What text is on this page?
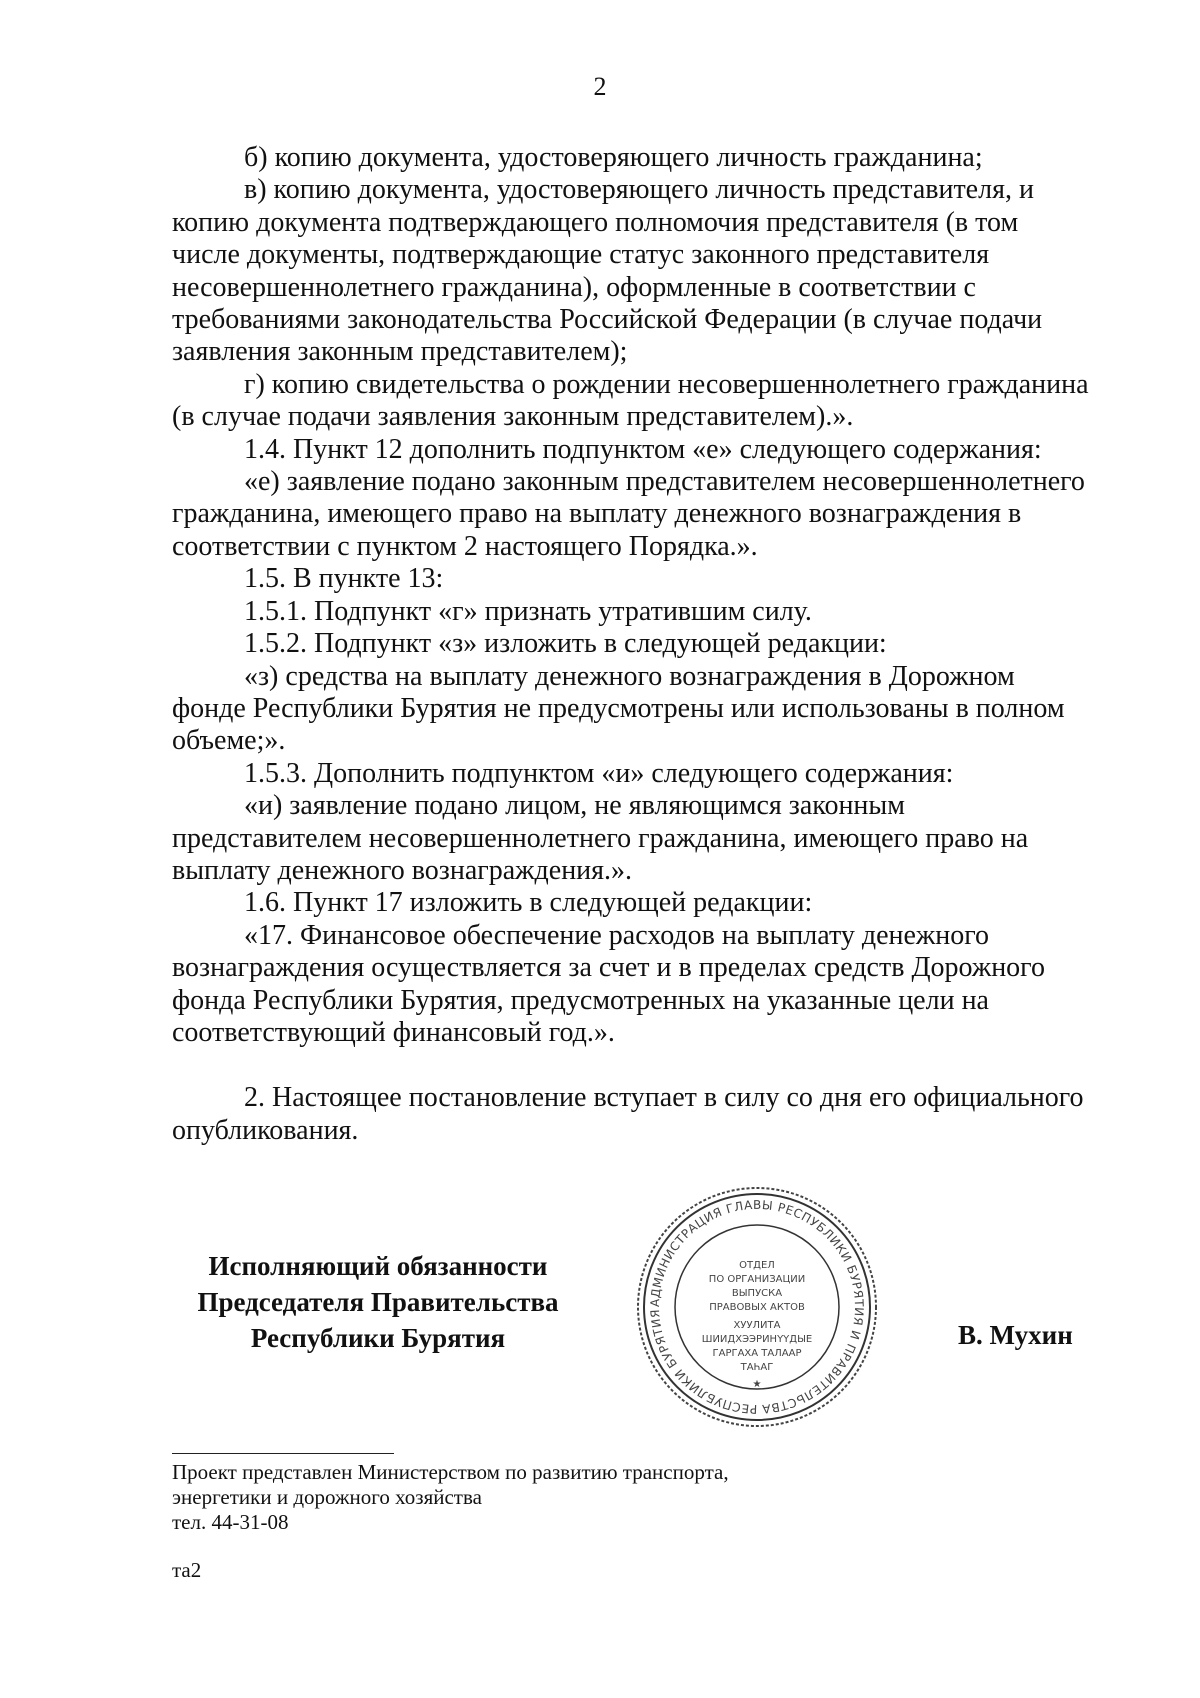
2

б) копию документа, удостоверяющего личность гражданина;

в) копию документа, удостоверяющего личность представителя, и копию документа подтверждающего полномочия представителя (в том числе документы, подтверждающие статус законного представителя несовершеннолетнего гражданина), оформленные в соответствии с требованиями законодательства Российской Федерации (в случае подачи заявления законным представителем);

г) копию свидетельства о рождении несовершеннолетнего гражданина (в случае подачи заявления законным представителем).».

1.4. Пункт 12 дополнить подпунктом «е» следующего содержания:

«е) заявление подано законным представителем несовершеннолетнего гражданина, имеющего право на выплату денежного вознаграждения в соответствии с пунктом 2 настоящего Порядка.».

1.5. В пункте 13:

1.5.1. Подпункт «г» признать утратившим силу.

1.5.2. Подпункт «з» изложить в следующей редакции:

«з) средства на выплату денежного вознаграждения в Дорожном фонде Республики Бурятия не предусмотрены или использованы в полном объеме;».

1.5.3. Дополнить подпунктом «и» следующего содержания:

«и) заявление подано лицом, не являющимся законным представителем несовершеннолетнего гражданина, имеющего право на выплату денежного вознаграждения.».

1.6. Пункт 17 изложить в следующей редакции:

«17. Финансовое обеспечение расходов на выплату денежного вознаграждения осуществляется за счет и в пределах средств Дорожного фонда Республики Бурятия, предусмотренных на указанные цели на соответствующий финансовый год.».

2. Настоящее постановление вступает в силу со дня его официального опубликования.

Исполняющий обязанности
Председателя Правительства
Республики Бурятия
АДМИНИСТРАЦИЯ ГЛАВЫ РЕСПУБЛИКИ БУРЯТИЯ И ПРАВИТЕЛЬСТВА РЕСПУБЛИКИ БУРЯТИЯ
ОТДЕЛ
ПО ОРГАНИЗАЦИИ
ВЫПУСКА
ПРАВОВЫХ АКТОВ
ХУУЛИТА
ШИИДХЭЭРИНҮҮДЫЕ
ГАРГАХА ТАЛААР
ТАҺАГ
★
В. Мухин
Проект представлен Министерством по развитию транспорта,
энергетики и дорожного хозяйства
тел. 44-31-08
та2
